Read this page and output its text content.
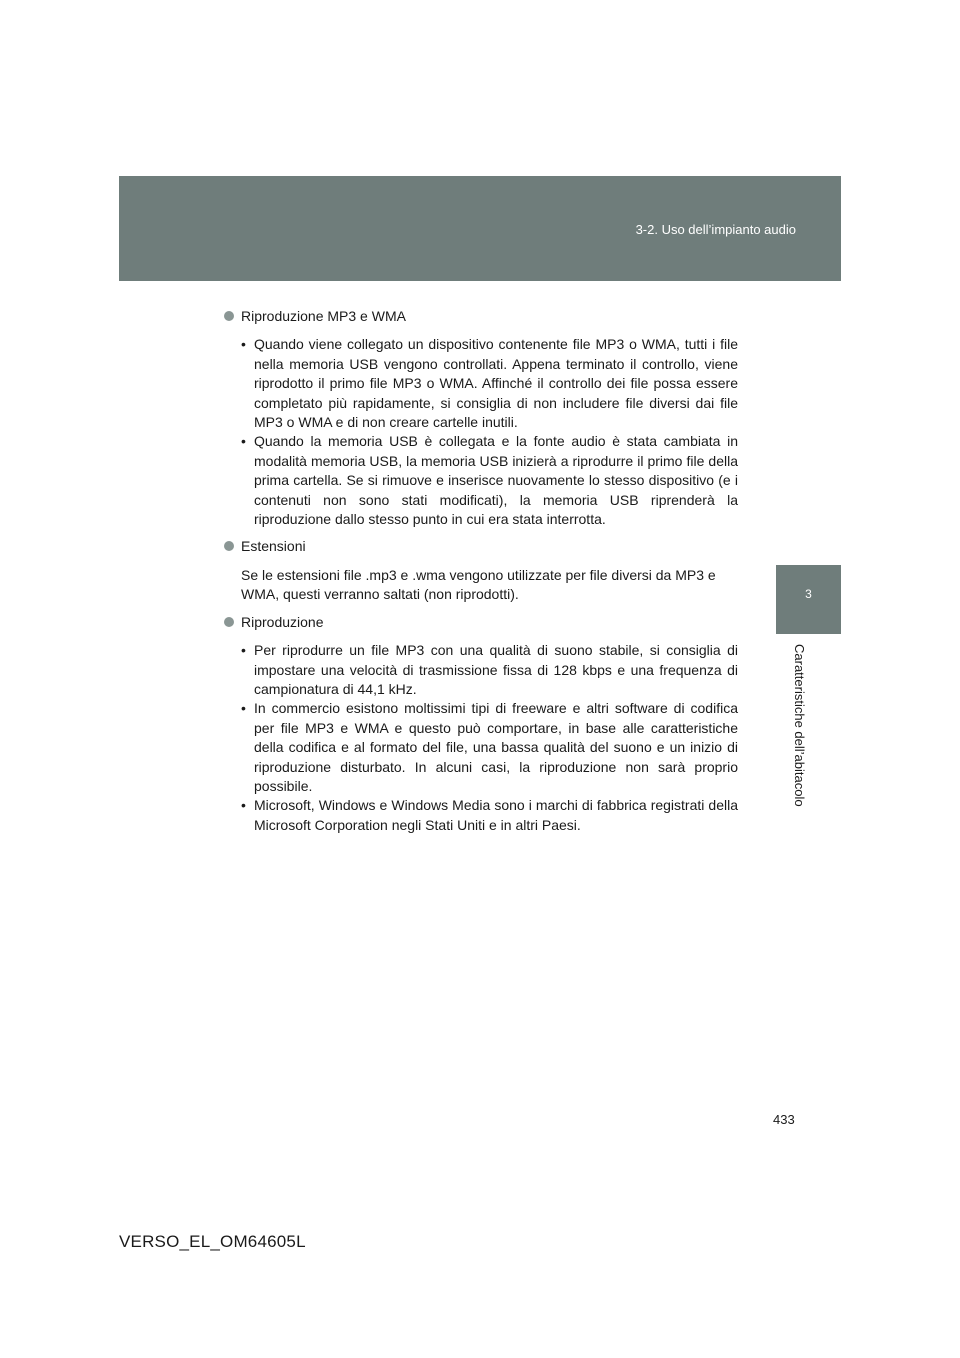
3-2. Uso dell’impianto audio
3
Caratteristiche dell’abitacolo
Riproduzione MP3 e WMA

• Quando viene collegato un dispositivo contenente file MP3 o WMA, tutti i file nella memoria USB vengono controllati. Appena terminato il controllo, viene riprodotto il primo file MP3 o WMA. Affinché il controllo dei file possa essere completato più rapidamente, si consiglia di non includere file diversi dai file MP3 o WMA e di non creare cartelle inutili.

• Quando la memoria USB è collegata e la fonte audio è stata cambiata in modalità memoria USB, la memoria USB inizierà a riprodurre il primo file della prima cartella. Se si rimuove e inserisce nuovamente lo stesso dispositivo (e i contenuti non sono stati modificati), la memoria USB riprenderà la riproduzione dallo stesso punto in cui era stata interrotta.

Estensioni

Se le estensioni file .mp3 e .wma vengono utilizzate per file diversi da MP3 e WMA, questi verranno saltati (non riprodotti).

Riproduzione

• Per riprodurre un file MP3 con una qualità di suono stabile, si consiglia di impostare una velocità di trasmissione fissa di 128 kbps e una frequenza di campionatura di 44,1 kHz.

• In commercio esistono moltissimi tipi di freeware e altri software di codifica per file MP3 e WMA e questo può comportare, in base alle caratteristiche della codifica e al formato del file, una bassa qualità del suono e un inizio di riproduzione disturbato. In alcuni casi, la riproduzione non sarà proprio possibile.

• Microsoft, Windows e Windows Media sono i marchi di fabbrica registrati della Microsoft Corporation negli Stati Uniti e in altri Paesi.

433
VERSO_EL_OM64605L
